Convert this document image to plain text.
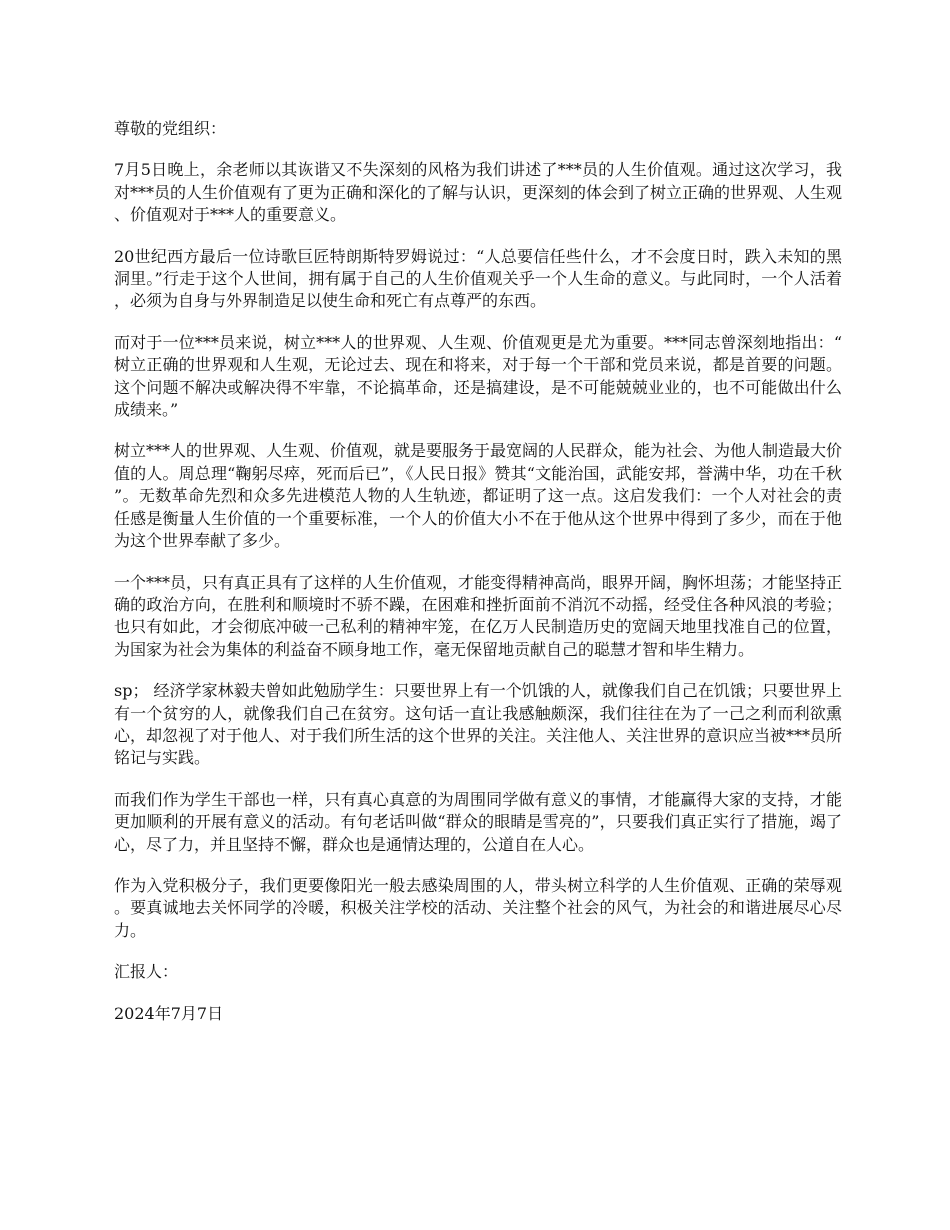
尊敬的党组织：

7月5日晚上，余老师以其诙谐又不失深刻的风格为我们讲述了***员的人生价值观。通过这次学习，我对***员的人生价值观有了更为正确和深化的了解与认识，更深刻的体会到了树立正确的世界观、人生观、价值观对于***人的重要意义。

20世纪西方最后一位诗歌巨匠特朗斯特罗姆说过：“人总要信任些什么，才不会度日时，跌入未知的黑洞里。”行走于这个人世间，拥有属于自己的人生价值观关乎一个人生命的意义。与此同时，一个人活着，必须为自身与外界制造足以使生命和死亡有点尊严的东西。

而对于一位***员来说，树立***人的世界观、人生观、价值观更是尤为重要。***同志曾深刻地指出：“树立正确的世界观和人生观，无论过去、现在和将来，对于每一个干部和党员来说，都是首要的问题。这个问题不解决或解决得不牢靠，不论搞革命，还是搞建设，是不可能兢兢业业的，也不可能做出什么成绩来。”

树立***人的世界观、人生观、价值观，就是要服务于最宽阔的人民群众，能为社会、为他人制造最大价值的人。周总理“鞠躬尽瘁，死而后已”，《人民日报》赞其“文能治国，武能安邦，誉满中华，功在千秋”。无数革命先烈和众多先进模范人物的人生轨迹，都证明了这一点。这启发我们：一个人对社会的责任感是衡量人生价值的一个重要标准，一个人的价值大小不在于他从这个世界中得到了多少，而在于他为这个世界奉献了多少。

一个***员，只有真正具有了这样的人生价值观，才能变得精神高尚，眼界开阔，胸怀坦荡；才能坚持正确的政治方向，在胜利和顺境时不骄不躁，在困难和挫折面前不消沉不动摇，经受住各种风浪的考验；也只有如此，才会彻底冲破一己私利的精神牢笼，在亿万人民制造历史的宽阔天地里找准自己的位置，为国家为社会为集体的利益奋不顾身地工作，毫无保留地贡献自己的聪慧才智和毕生精力。

sp； 经济学家林毅夫曾如此勉励学生：只要世界上有一个饥饿的人，就像我们自己在饥饿；只要世界上有一个贫穷的人，就像我们自己在贫穷。这句话一直让我感触颇深，我们往往在为了一己之利而利欲熏心，却忽视了对于他人、对于我们所生活的这个世界的关注。关注他人、关注世界的意识应当被***员所铭记与实践。

而我们作为学生干部也一样，只有真心真意的为周围同学做有意义的事情，才能赢得大家的支持，才能更加顺利的开展有意义的活动。有句老话叫做“群众的眼睛是雪亮的”，只要我们真正实行了措施，竭了心，尽了力，并且坚持不懈，群众也是通情达理的，公道自在人心。

作为入党积极分子，我们更要像阳光一般去感染周围的人，带头树立科学的人生价值观、正确的荣辱观。要真诚地去关怀同学的冷暖，积极关注学校的活动、关注整个社会的风气，为社会的和谐进展尽心尽力。

汇报人：

2024年7月7日
